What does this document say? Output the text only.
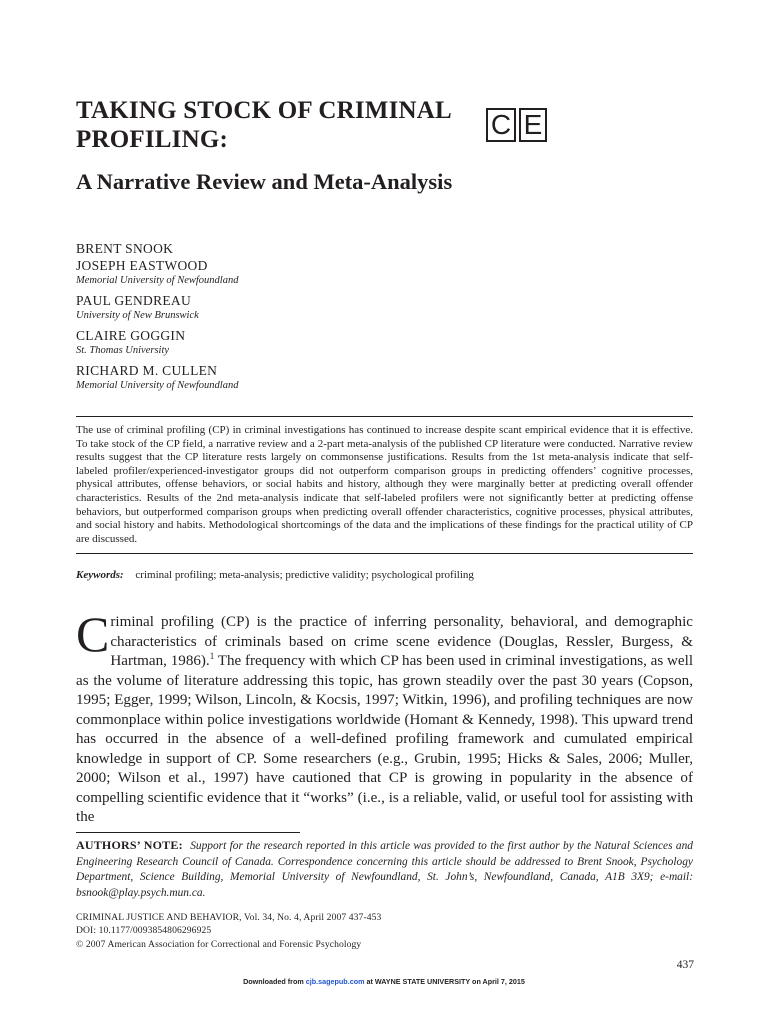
TAKING STOCK OF CRIMINAL
PROFILING:
A Narrative Review and Meta-Analysis
C E
BRENT SNOOK
JOSEPH EASTWOOD
Memorial University of Newfoundland
PAUL GENDREAU
University of New Brunswick
CLAIRE GOGGIN
St. Thomas University
RICHARD M. CULLEN
Memorial University of Newfoundland
The use of criminal profiling (CP) in criminal investigations has continued to increase despite scant empirical evidence that it is effective. To take stock of the CP field, a narrative review and a 2-part meta-analysis of the published CP literature were conducted. Narrative review results suggest that the CP literature rests largely on commonsense justifications. Results from the 1st meta-analysis indicate that self-labeled profiler/experienced-investigator groups did not outperform comparison groups in predicting offenders’ cognitive processes, physical attributes, offense behaviors, or social habits and history, although they were marginally better at predicting overall offender characteristics. Results of the 2nd meta-analysis indicate that self-labeled profilers were not significantly better at predicting offense behaviors, but outperformed comparison groups when predicting overall offender characteristics, cognitive processes, physical attributes, and social history and habits. Methodological shortcomings of the data and the implications of these findings for the practical utility of CP are discussed.
Keywords: criminal profiling; meta-analysis; predictive validity; psychological profiling
C riminal profiling (CP) is the practice of inferring personality, behavioral, and demographic characteristics of criminals based on crime scene evidence (Douglas, Ressler, Burgess, & Hartman, 1986).$^1$ The frequency with which CP has been used in criminal investigations, as well as the volume of literature addressing this topic, has grown steadily over the past 30 years (Copson, 1995; Egger, 1999; Wilson, Lincoln, & Kocsis, 1997; Witkin, 1996), and profiling techniques are now commonplace within police investigations worldwide (Homant & Kennedy, 1998). This upward trend has occurred in the absence of a well-defined profiling framework and cumulated empirical knowledge in support of CP. Some researchers (e.g., Grubin, 1995; Hicks & Sales, 2006; Muller, 2000; Wilson et al., 1997) have cautioned that CP is growing in popularity in the absence of compelling scientific evidence that it “works” (i.e., is a reliable, valid, or useful tool for assisting with the
AUTHORS’ NOTE: Support for the research reported in this article was provided to the first author by the Natural Sciences and Engineering Research Council of Canada. Correspondence concerning this article should be addressed to Brent Snook, Psychology Department, Science Building, Memorial University of Newfoundland, St. John’s, Newfoundland, Canada, A1B 3X9; e-mail: bsnook@play.psych.mun.ca.
CRIMINAL JUSTICE AND BEHAVIOR, Vol. 34, No. 4, April 2007 437-453
DOI: 10.1177/0093854806296925
© 2007 American Association for Correctional and Forensic Psychology
437
Downloaded from cjb.sagepub.com at WAYNE STATE UNIVERSITY on April 7, 2015
